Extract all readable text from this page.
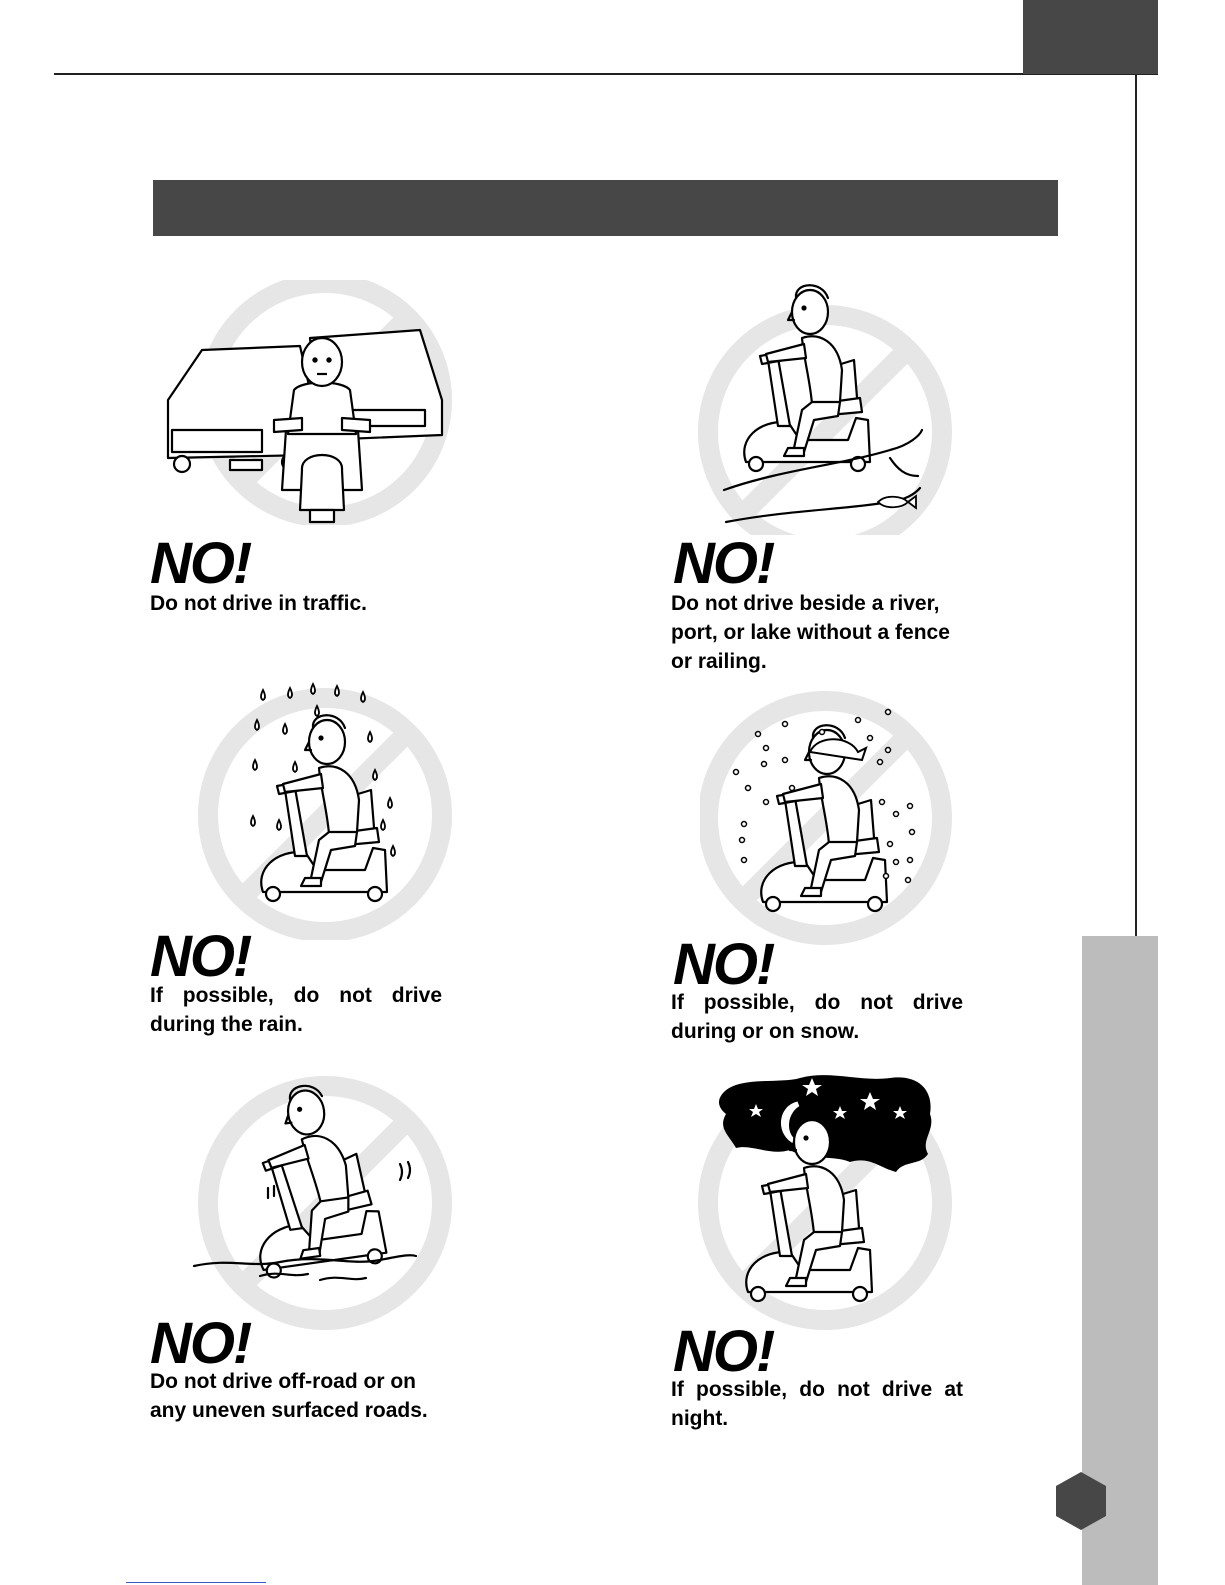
NO!

Do not drive in traffic.

NO!

Do not drive beside a river, port, or lake without a fence or railing.

NO!

If possible, do not drive
during the rain.

NO!

If possible, do not drive
during or on snow.

NO!

Do not drive off-road or on any uneven surfaced roads.

NO!

If possible, do not drive at
night.
